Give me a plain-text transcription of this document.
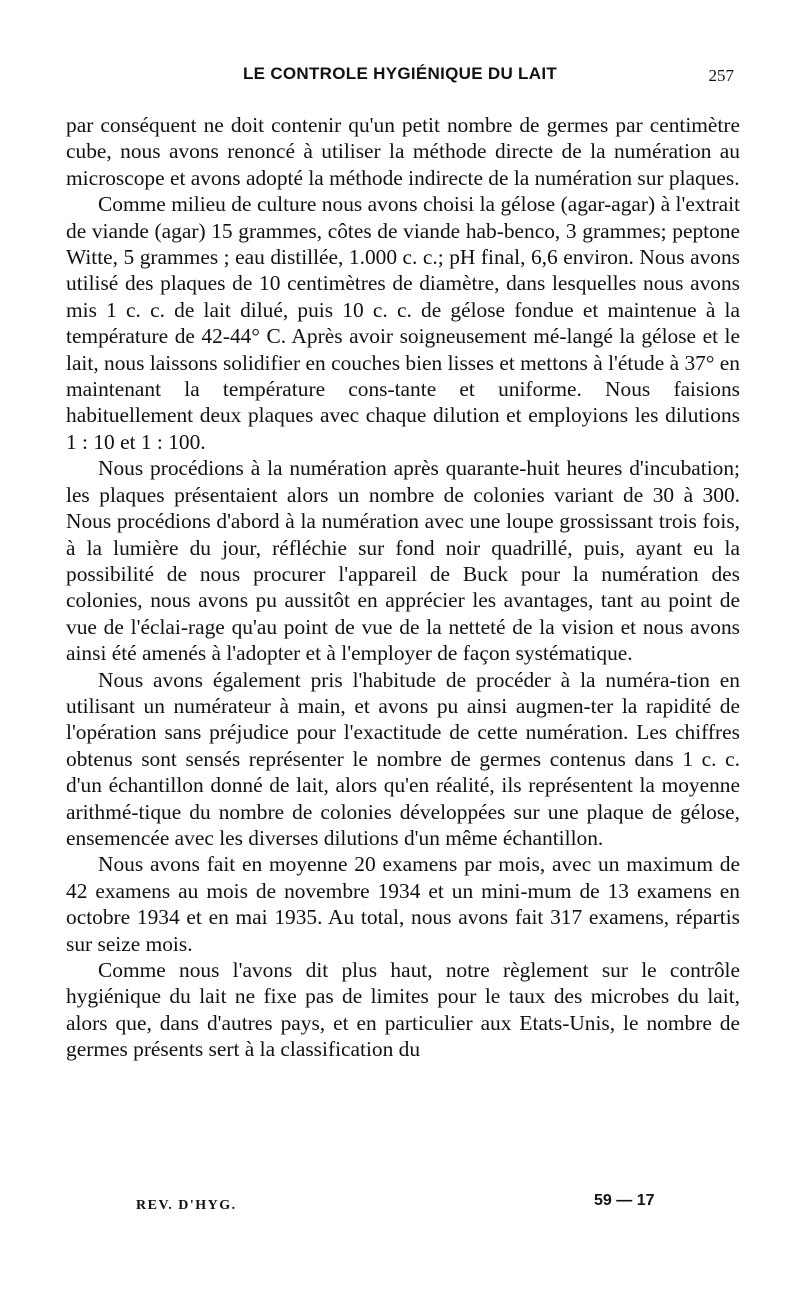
LE CONTROLE HYGIÉNIQUE DU LAIT	257

par conséquent ne doit contenir qu'un petit nombre de germes par centimètre cube, nous avons renoncé à utiliser la méthode directe de la numération au microscope et avons adopté la méthode indirecte de la numération sur plaques.

Comme milieu de culture nous avons choisi la gélose (agar-agar) à l'extrait de viande (agar) 15 grammes, côtes de viande hab-benco, 3 grammes; peptone Witte, 5 grammes ; eau distillée, 1.000 c. c.; pH final, 6,6 environ. Nous avons utilisé des plaques de 10 centimètres de diamètre, dans lesquelles nous avons mis 1 c. c. de lait dilué, puis 10 c. c. de gélose fondue et maintenue à la température de 42-44° C. Après avoir soigneusement mé-langé la gélose et le lait, nous laissons solidifier en couches bien lisses et mettons à l'étude à 37° en maintenant la température cons-tante et uniforme. Nous faisions habituellement deux plaques avec chaque dilution et employions les dilutions 1 : 10 et 1 : 100.

Nous procédions à la numération après quarante-huit heures d'incubation; les plaques présentaient alors un nombre de colonies variant de 30 à 300. Nous procédions d'abord à la numération avec une loupe grossissant trois fois, à la lumière du jour, réfléchie sur fond noir quadrillé, puis, ayant eu la possibilité de nous procurer l'appareil de Buck pour la numération des colonies, nous avons pu aussitôt en apprécier les avantages, tant au point de vue de l'éclai-rage qu'au point de vue de la netteté de la vision et nous avons ainsi été amenés à l'adopter et à l'employer de façon systématique.

Nous avons également pris l'habitude de procéder à la numéra-tion en utilisant un numérateur à main, et avons pu ainsi augmen-ter la rapidité de l'opération sans préjudice pour l'exactitude de cette numération. Les chiffres obtenus sont sensés représenter le nombre de germes contenus dans 1 c. c. d'un échantillon donné de lait, alors qu'en réalité, ils représentent la moyenne arithmé-tique du nombre de colonies développées sur une plaque de gélose, ensemencée avec les diverses dilutions d'un même échantillon.

Nous avons fait en moyenne 20 examens par mois, avec un maximum de 42 examens au mois de novembre 1934 et un mini-mum de 13 examens en octobre 1934 et en mai 1935. Au total, nous avons fait 317 examens, répartis sur seize mois.

Comme nous l'avons dit plus haut, notre règlement sur le contrôle hygiénique du lait ne fixe pas de limites pour le taux des microbes du lait, alors que, dans d'autres pays, et en particulier aux Etats-Unis, le nombre de germes présents sert à la classification du

REV. D'HYG.	59 — 17
